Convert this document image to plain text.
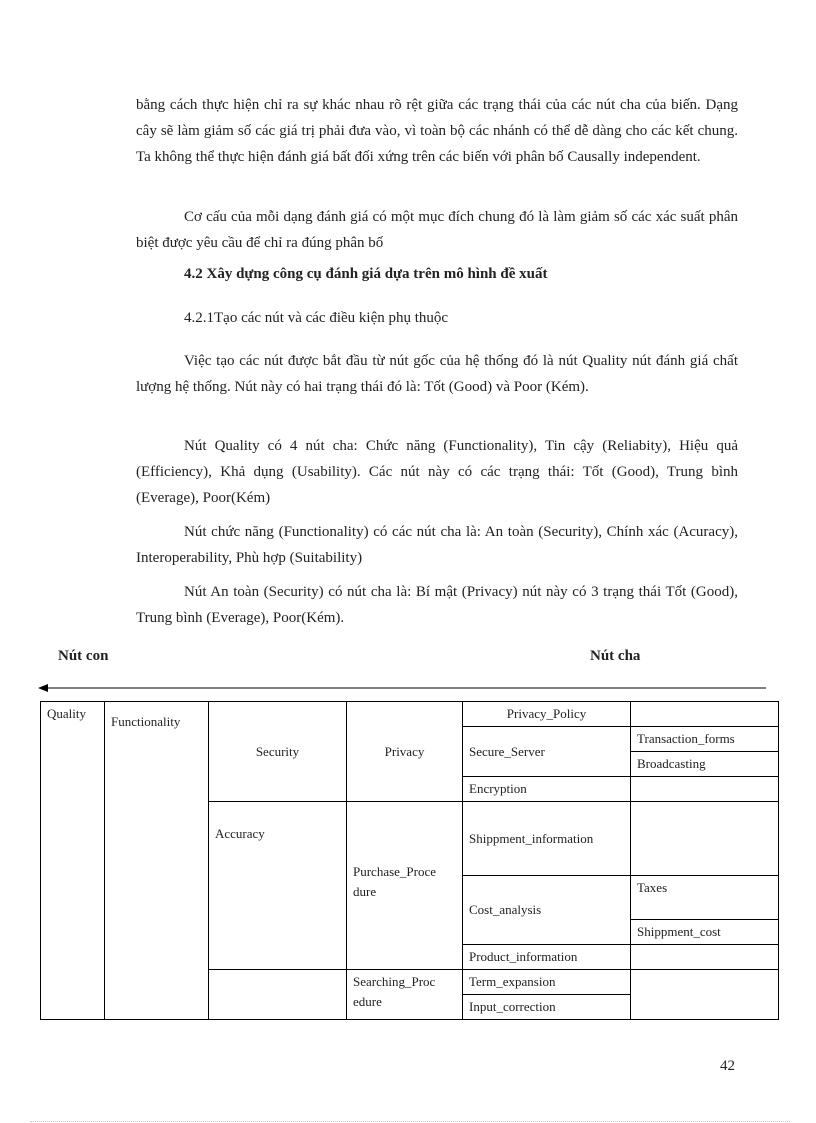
bằng cách thực hiện chỉ ra sự khác nhau rõ rệt giữa các trạng thái của các nút cha của biến. Dạng cây sẽ làm giảm số các giá trị phải đưa vào, vì toàn bộ các nhánh có thể dễ dàng cho các kết chung. Ta không thể thực hiện đánh giá bất đối xứng trên các biến với phân bố Causally independent.

Cơ cấu của mỗi dạng đánh giá có một mục đích chung đó là làm giảm số các xác suất phân biệt được yêu cầu để chỉ ra đúng phân bố

4.2 Xây dựng công cụ đánh giá dựa trên mô hình đề xuất

4.2.1Tạo các nút và các điều kiện phụ thuộc

Việc tạo các nút được bắt đầu từ nút gốc của hệ thống đó là nút Quality nút đánh giá chất lượng hệ thống. Nút này có hai trạng thái đó là: Tốt (Good) và Poor (Kém).

Nút Quality có 4 nút cha: Chức năng (Functionality), Tin cậy (Reliabity), Hiệu quả (Efficiency), Khả dụng (Usability). Các nút này có các trạng thái: Tốt (Good), Trung bình (Everage), Poor(Kém)

Nút chức năng (Functionality) có các nút cha là: An toàn (Security), Chính xác (Acuracy), Interoperability, Phù hợp (Suitability)

Nút An toàn (Security) có nút cha là: Bí mật (Privacy) nút này có 3 trạng thái Tốt (Good), Trung bình (Everage), Poor(Kém).

Nút con	Nút cha
Quality	Functionality	Security	Privacy	Privacy_Policy	
				Secure_Server	Transaction_forms
					Broadcasting
				Encryption	

		Accuracy	Purchase_Proce dure	Shippment_information	
				Cost_analysis	Taxes
					Shippment_cost
				Product_information	

			Searching_Proc edure	Term_expansion	
				Input_correction	
42
